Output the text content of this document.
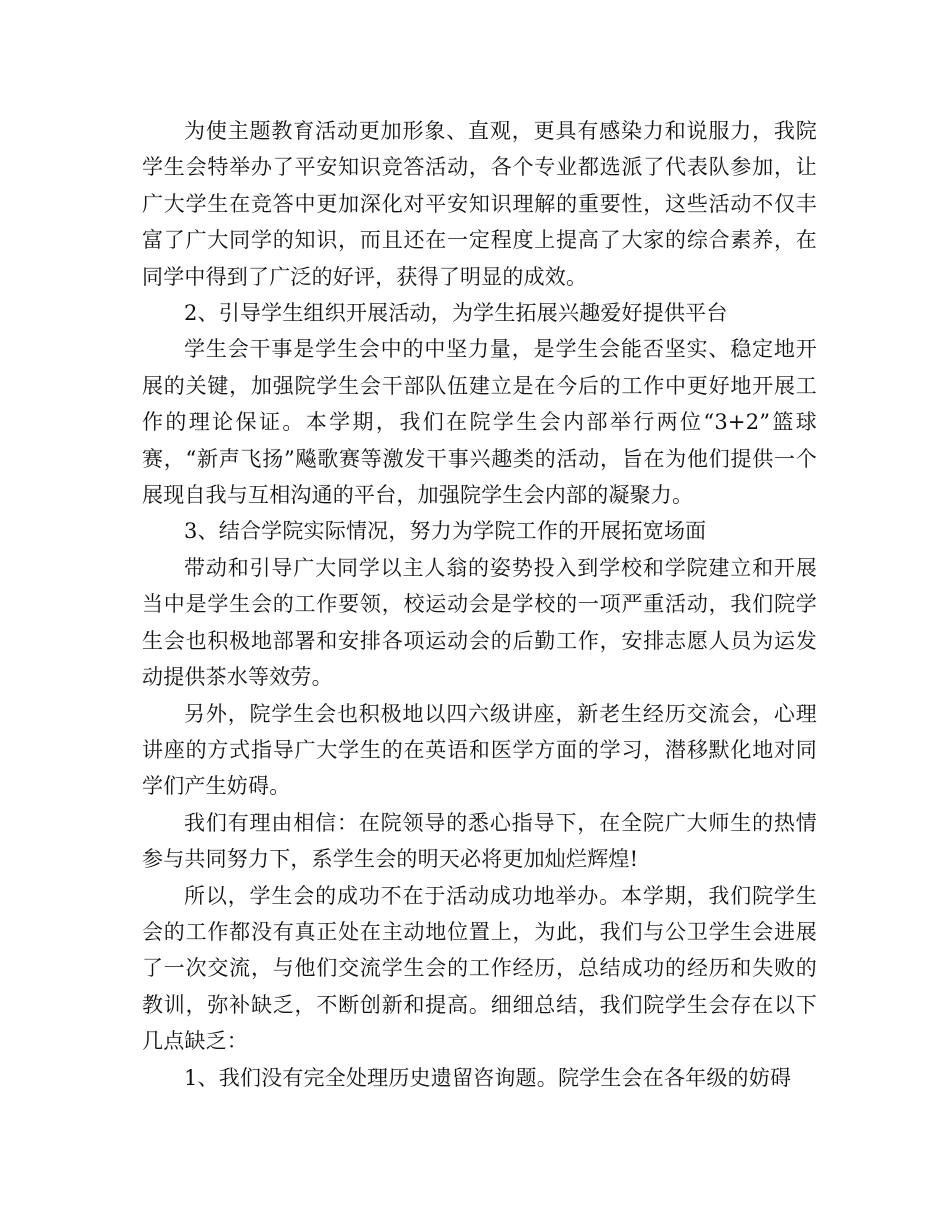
为使主题教育活动更加形象、直观，更具有感染力和说服力，我院学生会特举办了平安知识竞答活动，各个专业都选派了代表队参加，让广大学生在竞答中更加深化对平安知识理解的重要性，这些活动不仅丰富了广大同学的知识，而且还在一定程度上提高了大家的综合素养，在同学中得到了广泛的好评，获得了明显的成效。

2、引导学生组织开展活动，为学生拓展兴趣爱好提供平台

学生会干事是学生会中的中坚力量，是学生会能否坚实、稳定地开展的关键，加强院学生会干部队伍建立是在今后的工作中更好地开展工作的理论保证。本学期，我们在院学生会内部举行两位“3+2”篮球赛，“新声飞扬”飚歌赛等激发干事兴趣类的活动，旨在为他们提供一个展现自我与互相沟通的平台，加强院学生会内部的凝聚力。

3、结合学院实际情况，努力为学院工作的开展拓宽场面

带动和引导广大同学以主人翁的姿势投入到学校和学院建立和开展当中是学生会的工作要领，校运动会是学校的一项严重活动，我们院学生会也积极地部署和安排各项运动会的后勤工作，安排志愿人员为运发动提供茶水等效劳。

另外，院学生会也积极地以四六级讲座，新老生经历交流会，心理讲座的方式指导广大学生的在英语和医学方面的学习，潜移默化地对同学们产生妨碍。

我们有理由相信：在院领导的悉心指导下，在全院广大师生的热情参与共同努力下，系学生会的明天必将更加灿烂辉煌!

所以，学生会的成功不在于活动成功地举办。本学期，我们院学生会的工作都没有真正处在主动地位置上，为此，我们与公卫学生会进展了一次交流，与他们交流学生会的工作经历，总结成功的经历和失败的教训，弥补缺乏，不断创新和提高。细细总结，我们院学生会存在以下几点缺乏：

1、我们没有完全处理历史遗留咨询题。院学生会在各年级的妨碍
